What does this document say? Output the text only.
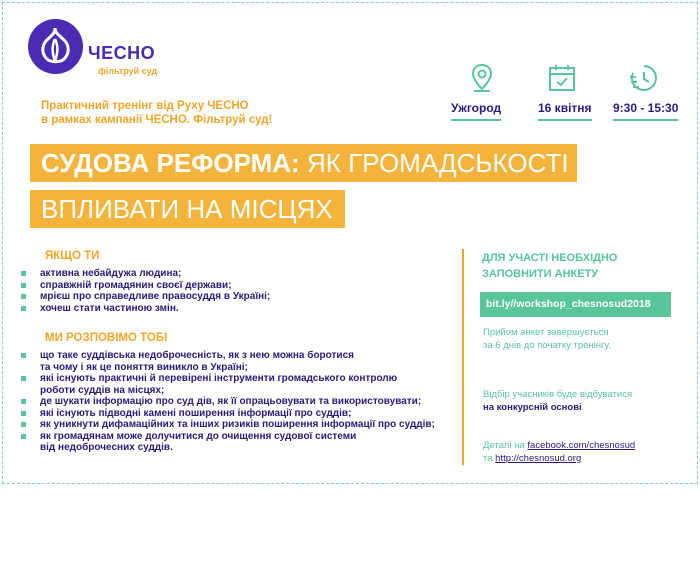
ЧЕСНО
фільтруй суд
Практичний тренінг від Руху ЧЕСНО
в рамках кампанії ЧЕСНО. Фільтруй суд!
Ужгород	16 квітня 9:30 - 15:30
СУДОВА РЕФОРМА: ЯК ГРОМАДСЬКОСТІ
ВПЛИВАТИ НА МІСЦЯХ
ЯКЩО ТИ
активна небайдужа людина;
справжній громадянин своєї держави;
мрієш про справедливе правосуддя в Україні;
хочеш стати частиною змін.
МИ РОЗПОВІМО ТОБІ
що таке суддівська недоброчесність, як з нею можна боротися
та чому і як це поняття виникло в Україні;
які існують практичні й перевірені інструменти громадського контролю
роботи суддів на місцях;
де шукати інформацію про суд дів, як її опрацьовувати та використовувати;
які існують підводні камені поширення інформації про суддів;
як уникнути дифамаційних та інших ризиків поширення інформації про суддів;
як громадянам може долучитися до очищення судової системи
від недоброчесних суддів.
ДЛЯ УЧАСТІ НЕОБХІДНО
ЗАПОВНИТИ АНКЕТУ
bit.ly//workshop_chesnosud2018
Прийом анкет завершується
за 6 днів до початку тренінгу.
Відбір учасників буде відбуватися
на конкурсній основі.
Деталі на facebook.com/chesnosud
та http://chesnosud.org
